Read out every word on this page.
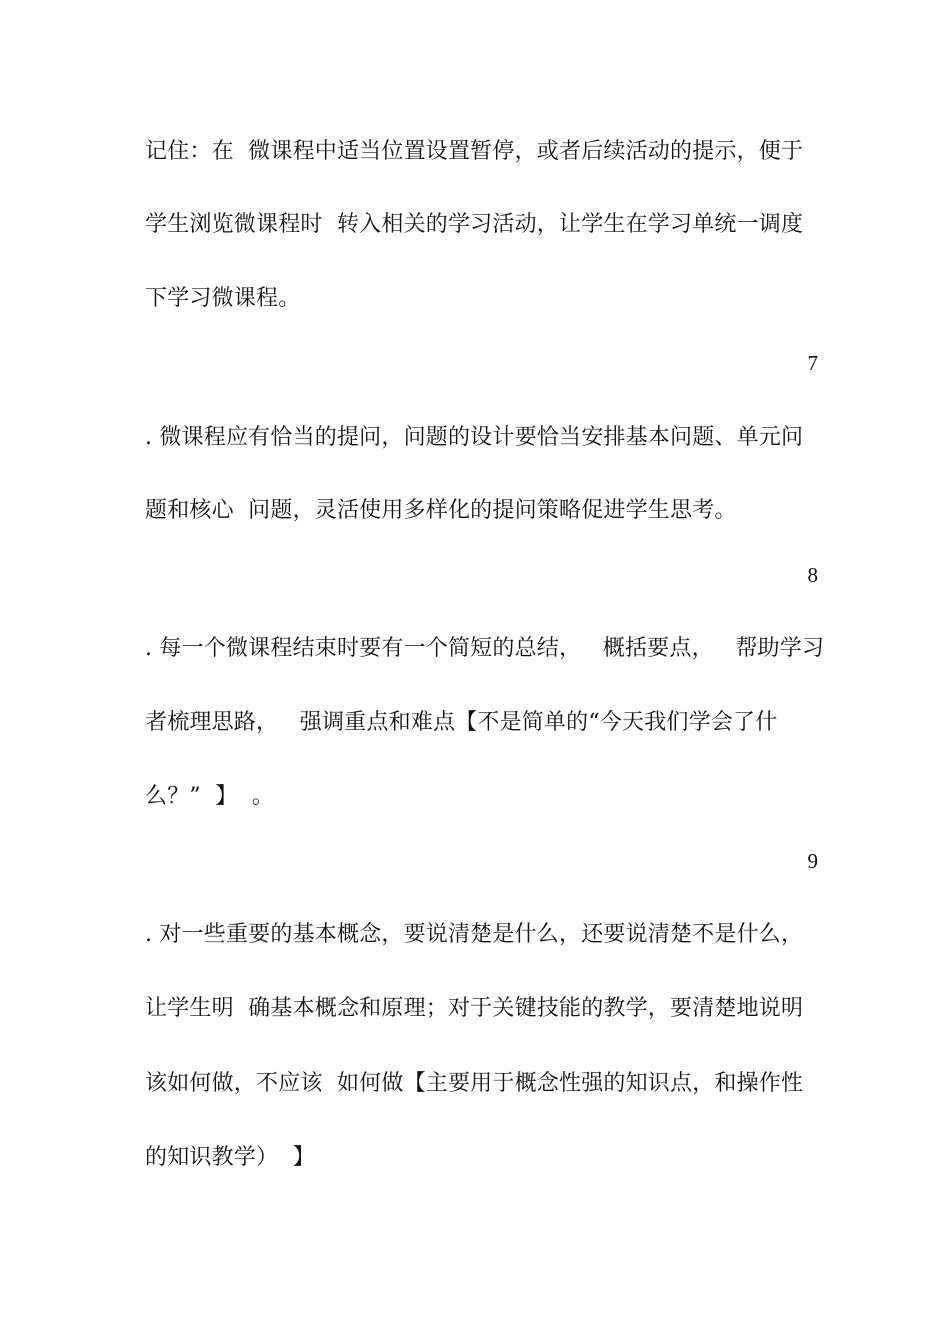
记住：在  微课程中适当位置设置暂停，或者后续活动的提示，便于
学生浏览微课程时  转入相关的学习活动，让学生在学习单统一调度
下学习微课程。
7
. 微课程应有恰当的提问，问题的设计要恰当安排基本问题、单元问
题和核心  问题，灵活使用多样化的提问策略促进学生思考。
8
. 每一个微课程结束时要有一个简短的总结，   概括要点，   帮助学习
者梳理思路，   强调重点和难点【不是简单的“今天我们学会了什
么？”  】  。
9
. 对一些重要的基本概念，要说清楚是什么，还要说清楚不是什么，
让学生明  确基本概念和原理；对于关键技能的教学，要清楚地说明
该如何做，不应该  如何做【主要用于概念性强的知识点，和操作性
的知识教学）  】
